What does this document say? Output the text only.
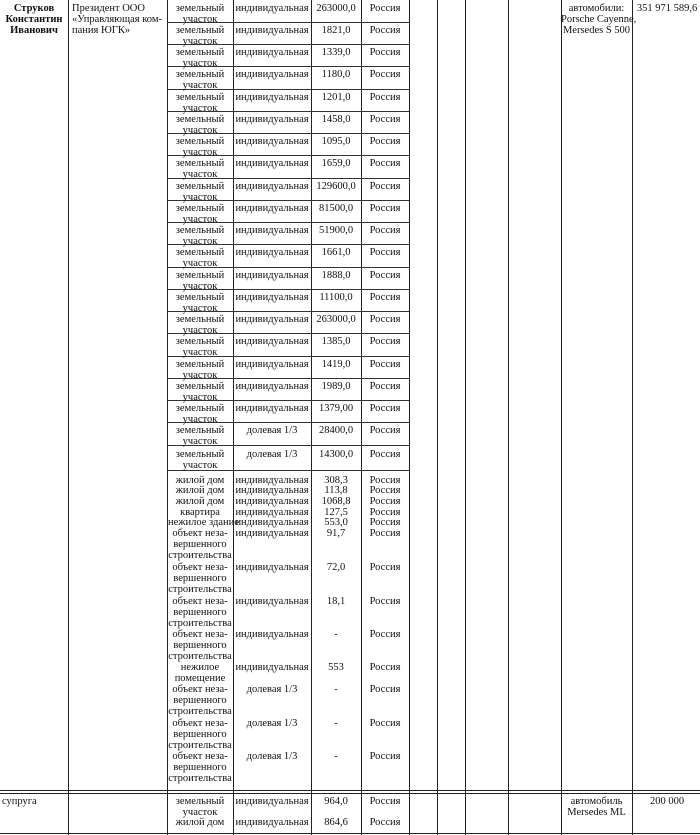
Струков
Константин
Иванович
Президент ООО
«Управляющая ком-
пания ЮГК»
земельный
участок
индивидуальная 263000,0	Россия
земельный
участок
индивидуальная	1821,0	Россия
земельный
участок
индивидуальная	1339,0	Россия
земельный
участок
индивидуальная	1180,0	Россия
земельный
участок
индивидуальная	1201,0	Россия
земельный
участок
индивидуальная	1458,0	Россия
земельный
участок
индивидуальная	1095,0	Россия
земельный
участок
индивидуальная	1659,0	Россия
земельный
участок
индивидуальная 129600,0	Россия
земельный
участок
индивидуальная 81500,0	Россия
земельный
участок
индивидуальная 51900,0	Россия
земельный
участок
индивидуальная	1661,0	Россия
земельный
участок
индивидуальная	1888,0	Россия
земельный
участок
индивидуальная	11100,0	Россия
земельный
участок
индивидуальная 263000,0	Россия
земельный
участок
индивидуальная	1385,0	Россия
земельный
участок
индивидуальная	1419,0	Россия
земельный
участок
индивидуальная	1989,0	Россия
земельный
участок
индивидуальная 1379,00	Россия
земельный
участок
долевая 1/3	28400,0	Россия
земельный
участок
долевая 1/3	14300,0	Россия
жилой дом	индивидуальная	308,3	Россия
жилой дом	индивидуальная	113,8	Россия
жилой дом	индивидуальная	1068,8	Россия
квартира	индивидуальная	127,5	Россия
нежилое здание
индивидуальная	553,0	Россия
объект неза-
вершенного
строительства
индивидуальная	91,7	Россия
объект неза-
вершенного
строительства
индивидуальная	72,0	Россия
объект неза-
вершенного
строительства
индивидуальная	18,1	Россия
объект неза-
вершенного
строительства
индивидуальная	-	Россия
нежилое
помещение
индивидуальная	553	Россия
объект неза-
вершенного
строительства
долевая 1/3	-	Россия
объект неза-
вершенного
строительства
долевая 1/3	-	Россия
объект неза-
вершенного
строительства
долевая 1/3	-	Россия
автомобили:
Porsche Cayenne,
Mersedes S 500
351 971 589,6
супруга	земельный
участок
индивидуальная	964,0	Россия
жилой дом	индивидуальная	864,6	Россия
автомобиль
Mersedes ML
200 000
